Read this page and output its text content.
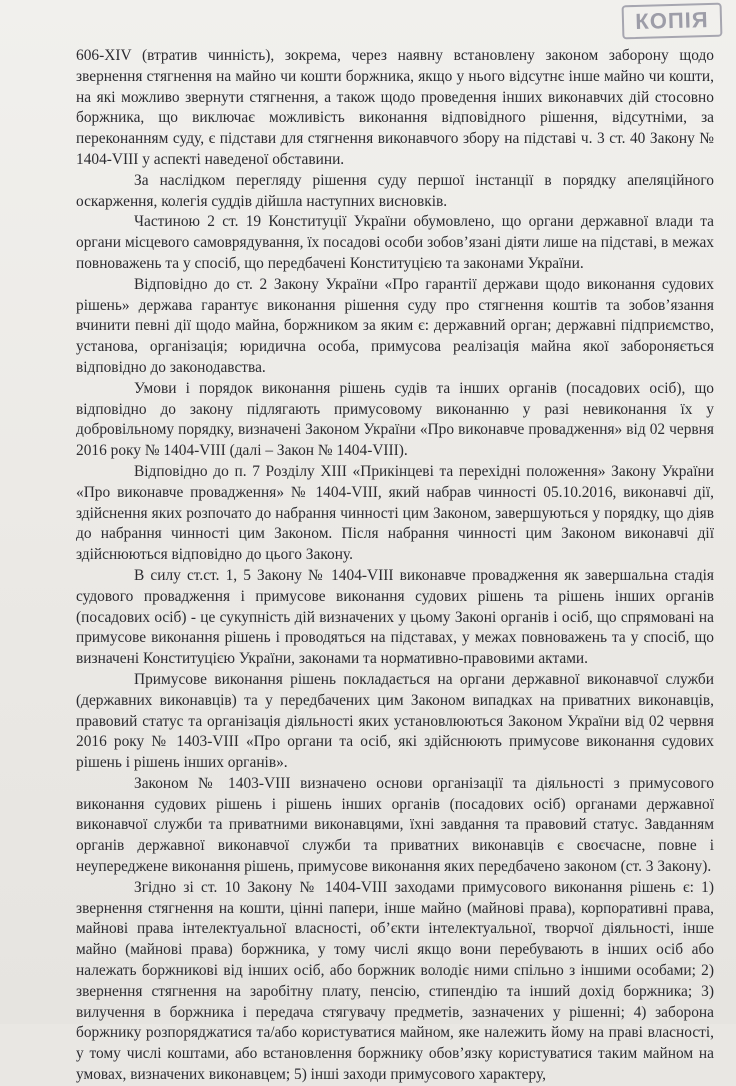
КОПІЯ

606-XIV (втратив чинність), зокрема, через наявну встановлену законом заборону щодо звернення стягнення на майно чи кошти боржника, якщо у нього відсутнє інше майно чи кошти, на які можливо звернути стягнення, а також щодо проведення інших виконавчих дій стосовно боржника, що виключає можливість виконання відповідного рішення, відсутніми, за переконанням суду, є підстави для стягнення виконавчого збору на підставі ч. 3 ст. 40 Закону № 1404-VIII у аспекті наведеної обставини.

За наслідком перегляду рішення суду першої інстанції в порядку апеляційного оскарження, колегія суддів дійшла наступних висновків.

Частиною 2 ст. 19 Конституції України обумовлено, що органи державної влади та органи місцевого самоврядування, їх посадові особи зобов’язані діяти лише на підставі, в межах повноважень та у спосіб, що передбачені Конституцією та законами України.

Відповідно до ст. 2 Закону України «Про гарантії держави щодо виконання судових рішень» держава гарантує виконання рішення суду про стягнення коштів та зобов’язання вчинити певні дії щодо майна, боржником за яким є: державний орган; державні підприємство, установа, організація; юридична особа, примусова реалізація майна якої забороняється відповідно до законодавства.

Умови і порядок виконання рішень судів та інших органів (посадових осіб), що відповідно до закону підлягають примусовому виконанню у разі невиконання їх у добровільному порядку, визначені Законом України «Про виконавче провадження» від 02 червня 2016 року № 1404-VIII (далі – Закон № 1404-VIII).

Відповідно до п. 7 Розділу XIII «Прикінцеві та перехідні положення» Закону України «Про виконавче провадження» № 1404-VIII, який набрав чинності 05.10.2016, виконавчі дії, здійснення яких розпочато до набрання чинності цим Законом, завершуються у порядку, що діяв до набрання чинності цим Законом. Після набрання чинності цим Законом виконавчі дії здійснюються відповідно до цього Закону.

В силу ст.ст. 1, 5 Закону № 1404-VIII виконавче провадження як завершальна стадія судового провадження і примусове виконання судових рішень та рішень інших органів (посадових осіб) - це сукупність дій визначених у цьому Законі органів і осіб, що спрямовані на примусове виконання рішень і проводяться на підставах, у межах повноважень та у спосіб, що визначені Конституцією України, законами та нормативно-правовими актами.

Примусове виконання рішень покладається на органи державної виконавчої служби (державних виконавців) та у передбачених цим Законом випадках на приватних виконавців, правовий статус та організація діяльності яких установлюються Законом України від 02 червня 2016 року № 1403-VIII «Про органи та осіб, які здійснюють примусове виконання судових рішень і рішень інших органів».

Законом № 1403-VIII визначено основи організації та діяльності з примусового виконання судових рішень і рішень інших органів (посадових осіб) органами державної виконавчої служби та приватними виконавцями, їхні завдання та правовий статус. Завданням органів державної виконавчої служби та приватних виконавців є своєчасне, повне і неупереджене виконання рішень, примусове виконання яких передбачено законом (ст. 3 Закону).

Згідно зі ст. 10 Закону № 1404-VIII заходами примусового виконання рішень є: 1) звернення стягнення на кошти, цінні папери, інше майно (майнові права), корпоративні права, майнові права інтелектуальної власності, об’єкти інтелектуальної, творчої діяльності, інше майно (майнові права) боржника, у тому числі якщо вони перебувають в інших осіб або належать боржникові від інших осіб, або боржник володіє ними спільно з іншими особами; 2) звернення стягнення на заробітну плату, пенсію, стипендію та інший дохід боржника; 3) вилучення в боржника і передача стягувачу предметів, зазначених у рішенні; 4) заборона боржнику розпоряджатися та/або користуватися майном, яке належить йому на праві власності, у тому числі коштами, або встановлення боржнику обов’язку користуватися таким майном на умовах, визначених виконавцем; 5) інші заходи примусового характеру,
